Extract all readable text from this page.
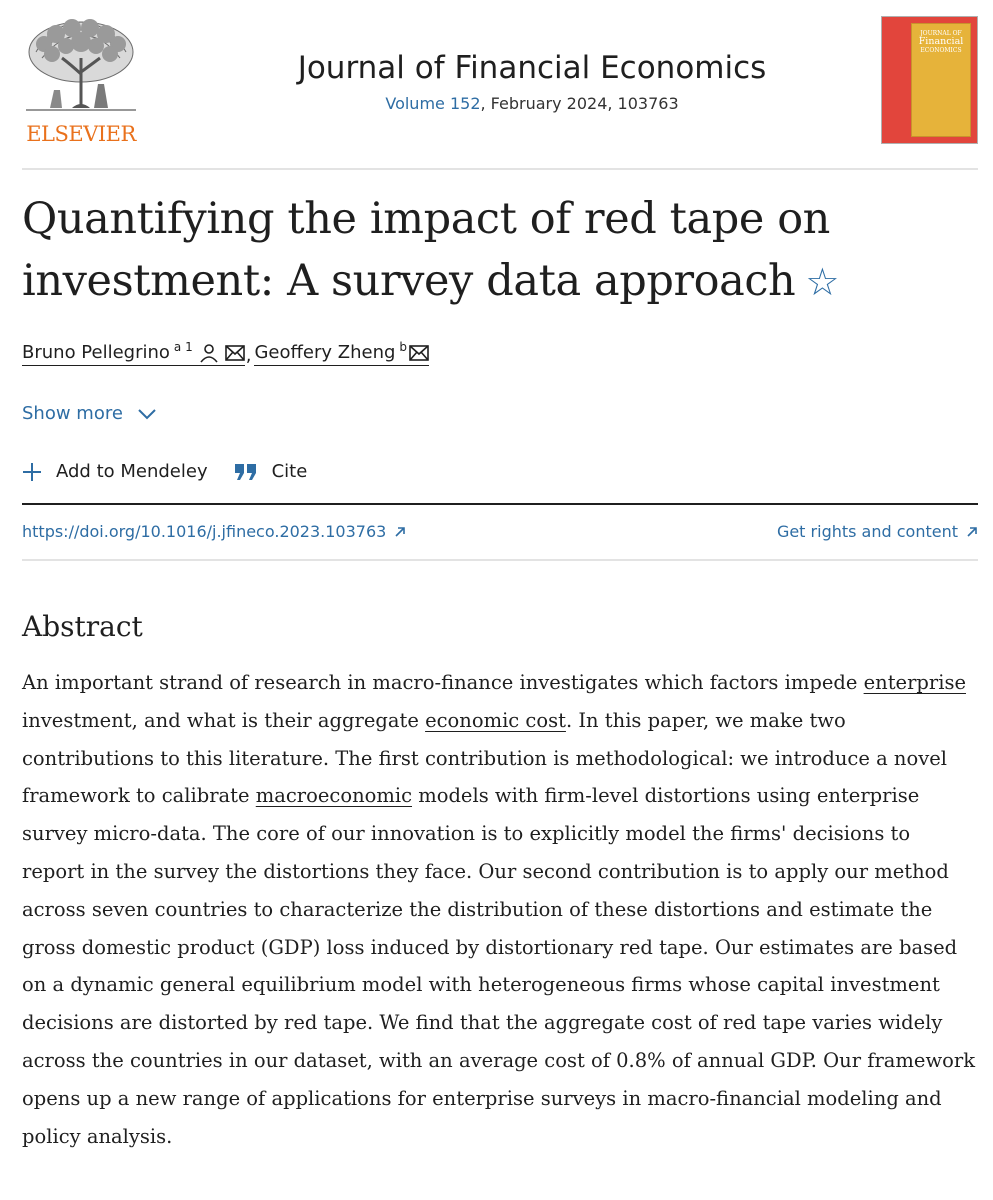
ELSEVIER
Journal of Financial Economics
Volume 152, February 2024, 103763
JOURNAL OF
Financial
ECONOMICS
Quantifying the impact of red tape on investment: A survey data approach ☆
Bruno Pellegrino $^{a 1}$	, Geoffery Zheng $^b$
Show more
Add to Mendeley	Cite
https://doi.org/10.1016/j.jfineco.2023.103763	Get rights and content
Abstract

An important strand of research in macro-finance investigates which factors impede enterprise investment, and what is their aggregate economic cost. In this paper, we make two contributions to this literature. The first contribution is methodological: we introduce a novel framework to calibrate macroeconomic models with firm-level distortions using enterprise survey micro-data. The core of our innovation is to explicitly model the firms' decisions to report in the survey the distortions they face. Our second contribution is to apply our method across seven countries to characterize the distribution of these distortions and estimate the gross domestic product (GDP) loss induced by distortionary red tape. Our estimates are based on a dynamic general equilibrium model with heterogeneous firms whose capital investment decisions are distorted by red tape. We find that the aggregate cost of red tape varies widely across the countries in our dataset, with an average cost of 0.8% of annual GDP. Our framework opens up a new range of applications for enterprise surveys in macro-financial modeling and policy analysis.
